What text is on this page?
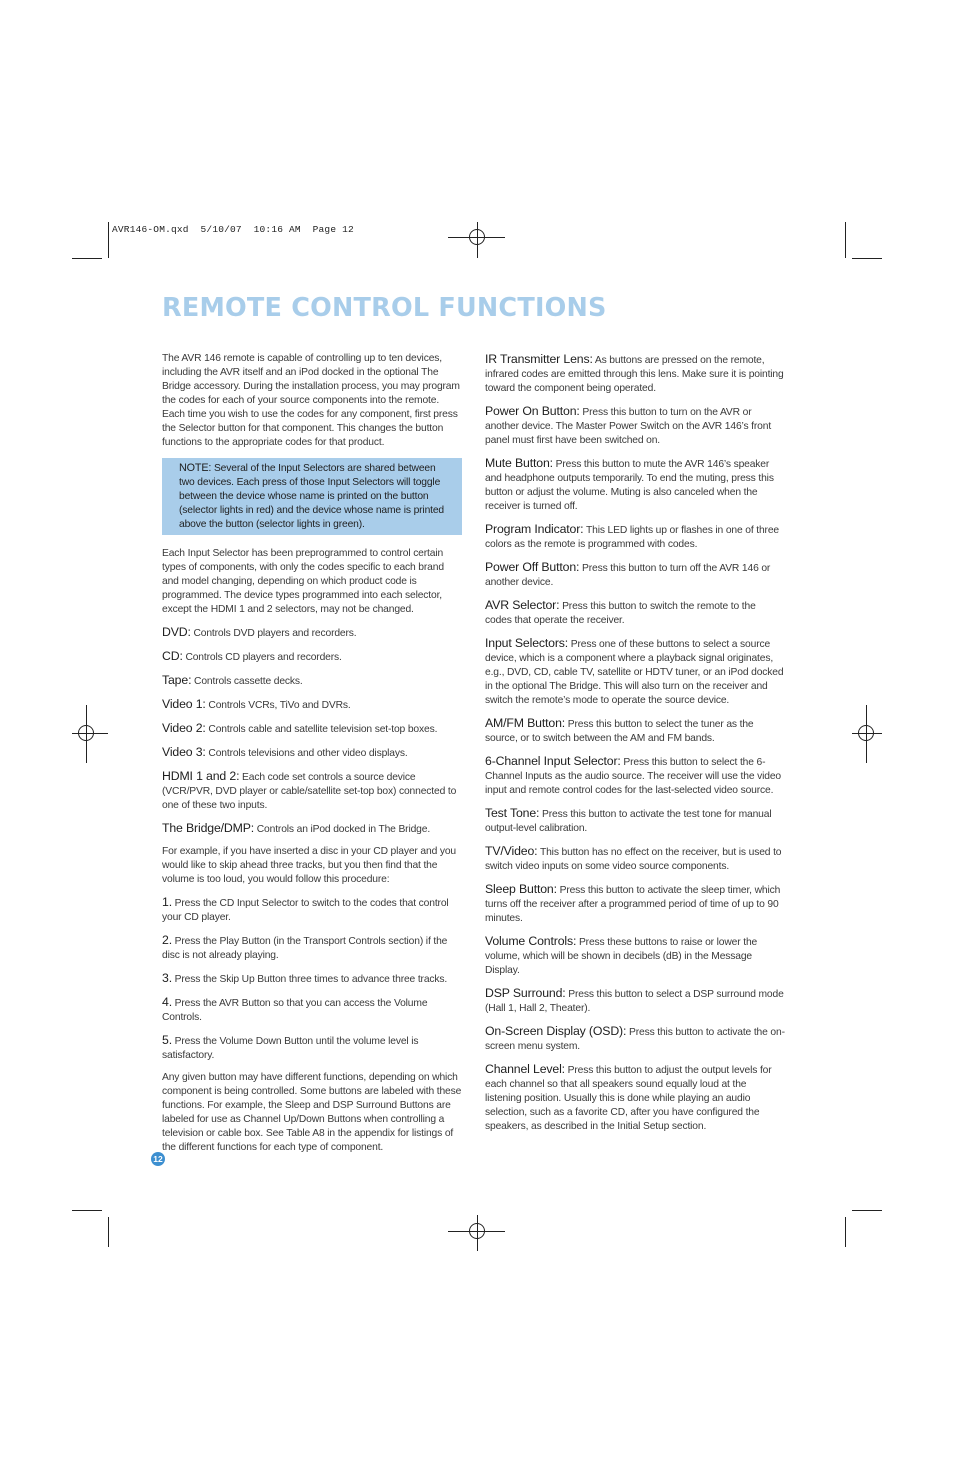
AVR146-OM.qxd  5/10/07  10:16 AM  Page 12
REMOTE CONTROL FUNCTIONS

The AVR 146 remote is capable of controlling up to ten devices, including the AVR itself and an iPod docked in the optional The Bridge accessory. During the installation process, you may program the codes for each of your source components into the remote. Each time you wish to use the codes for any component, first press the Selector button for that component. This changes the button functions to the appropriate codes for that product.

NOTE: Several of the Input Selectors are shared between two devices. Each press of those Input Selectors will toggle between the device whose name is printed on the button (selector lights in red) and the device whose name is printed above the button (selector lights in green).

Each Input Selector has been preprogrammed to control certain types of components, with only the codes specific to each brand and model changing, depending on which product code is programmed. The device types programmed into each selector, except the HDMI 1 and 2 selectors, may not be changed.

DVD: Controls DVD players and recorders.

CD: Controls CD players and recorders.

Tape: Controls cassette decks.

Video 1: Controls VCRs, TiVo and DVRs.

Video 2: Controls cable and satellite television set-top boxes.

Video 3: Controls televisions and other video displays.

HDMI 1 and 2: Each code set controls a source device (VCR/PVR, DVD player or cable/satellite set-top box) connected to one of these two inputs.

The Bridge/DMP: Controls an iPod docked in The Bridge.

For example, if you have inserted a disc in your CD player and you would like to skip ahead three tracks, but you then find that the volume is too loud, you would follow this procedure:

1. Press the CD Input Selector to switch to the codes that control your CD player.

2. Press the Play Button (in the Transport Controls section) if the disc is not already playing.

3. Press the Skip Up Button three times to advance three tracks.

4. Press the AVR Button so that you can access the Volume Controls.

5. Press the Volume Down Button until the volume level is satisfactory.

Any given button may have different functions, depending on which component is being controlled. Some buttons are labeled with these functions. For example, the Sleep and DSP Surround Buttons are labeled for use as Channel Up/Down Buttons when controlling a television or cable box. See Table A8 in the appendix for listings of the different functions for each type of component.

IR Transmitter Lens: As buttons are pressed on the remote, infrared codes are emitted through this lens. Make sure it is pointing toward the component being operated.

Power On Button: Press this button to turn on the AVR or another device. The Master Power Switch on the AVR 146’s front panel must first have been switched on.

Mute Button: Press this button to mute the AVR 146’s speaker and headphone outputs temporarily. To end the muting, press this button or adjust the volume. Muting is also canceled when the receiver is turned off.

Program Indicator: This LED lights up or flashes in one of three colors as the remote is programmed with codes.

Power Off Button: Press this button to turn off the AVR 146 or another device.

AVR Selector: Press this button to switch the remote to the codes that operate the receiver.

Input Selectors: Press one of these buttons to select a source device, which is a component where a playback signal originates, e.g., DVD, CD, cable TV, satellite or HDTV tuner, or an iPod docked in the optional The Bridge. This will also turn on the receiver and switch the remote’s mode to operate the source device.

AM/FM Button: Press this button to select the tuner as the source, or to switch between the AM and FM bands.

6-Channel Input Selector: Press this button to select the 6-Channel Inputs as the audio source. The receiver will use the video input and remote control codes for the last-selected video source.

Test Tone: Press this button to activate the test tone for manual output-level calibration.

TV/Video: This button has no effect on the receiver, but is used to switch video inputs on some video source components.

Sleep Button: Press this button to activate the sleep timer, which turns off the receiver after a programmed period of time of up to 90 minutes.

Volume Controls: Press these buttons to raise or lower the volume, which will be shown in decibels (dB) in the Message Display.

DSP Surround: Press this button to select a DSP surround mode (Hall 1, Hall 2, Theater).

On-Screen Display (OSD): Press this button to activate the on-screen menu system.

Channel Level: Press this button to adjust the output levels for each channel so that all speakers sound equally loud at the listening position. Usually this is done while playing an audio selection, such as a favorite CD, after you have configured the speakers, as described in the Initial Setup section.

12
